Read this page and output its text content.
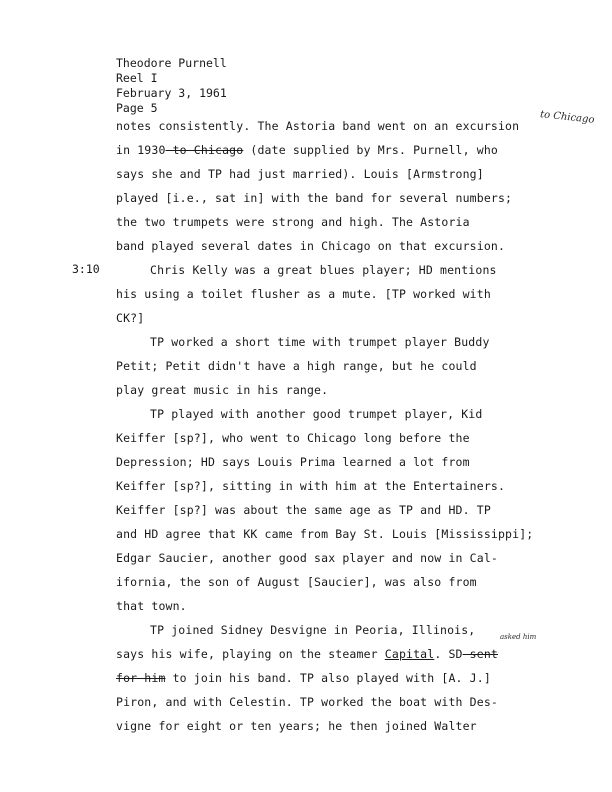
Theodore Purnell
Reel I
February 3, 1961
Page 5
3:10
to Chicago
asked him
notes consistently. The Astoria band went on an excursion
in 1930 to Chicago (date supplied by Mrs. Purnell, who
says she and TP had just married). Louis [Armstrong]
played [i.e., sat in] with the band for several numbers;
the two trumpets were strong and high. The Astoria
band played several dates in Chicago on that excursion.
Chris Kelly was a great blues player; HD mentions
his using a toilet flusher as a mute. [TP worked with
CK?]
TP worked a short time with trumpet player Buddy
Petit; Petit didn't have a high range, but he could
play great music in his range.
TP played with another good trumpet player, Kid
Keiffer [sp?], who went to Chicago long before the
Depression; HD says Louis Prima learned a lot from
Keiffer [sp?], sitting in with him at the Entertainers.
Keiffer [sp?] was about the same age as TP and HD. TP
and HD agree that KK came from Bay St. Louis [Mississippi];
Edgar Saucier, another good sax player and now in Cal-
ifornia, the son of August [Saucier], was also from
that town.
TP joined Sidney Desvigne in Peoria, Illinois,
says his wife, playing on the steamer Capital. SD sent
for him to join his band. TP also played with [A. J.]
Piron, and with Celestin. TP worked the boat with Des-
vigne for eight or ten years; he then joined Walter
